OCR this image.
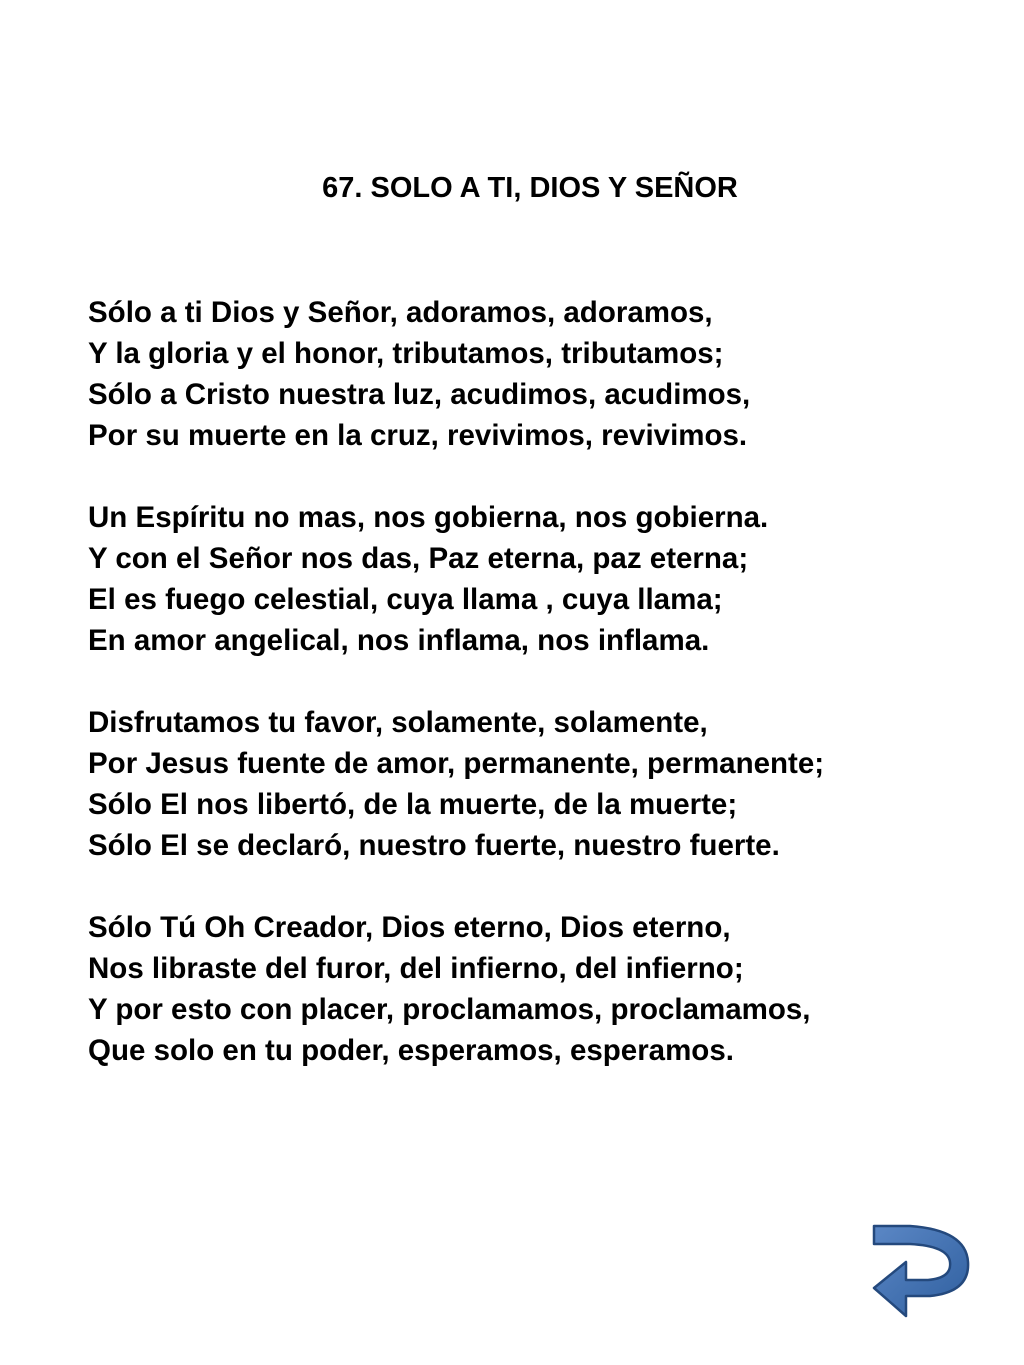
67. SOLO A TI, DIOS Y SEÑOR
Sólo a ti Dios y Señor, adoramos, adoramos,
Y la gloria y el honor, tributamos, tributamos;
Sólo a Cristo nuestra luz, acudimos, acudimos,
Por su muerte en la cruz, revivimos, revivimos.
Un Espíritu no mas, nos gobierna, nos gobierna.
Y con el Señor nos das, Paz eterna, paz eterna;
El es fuego celestial, cuya llama , cuya llama;
En amor angelical, nos inflama, nos inflama.
Disfrutamos tu favor, solamente, solamente,
Por Jesus fuente de amor, permanente, permanente;
Sólo El nos libertó, de la muerte, de la muerte;
Sólo El se declaró, nuestro fuerte, nuestro fuerte.
Sólo Tú Oh Creador, Dios eterno, Dios eterno,
Nos libraste del furor, del infierno, del infierno;
Y por esto con placer, proclamamos, proclamamos,
Que solo en tu poder, esperamos, esperamos.
